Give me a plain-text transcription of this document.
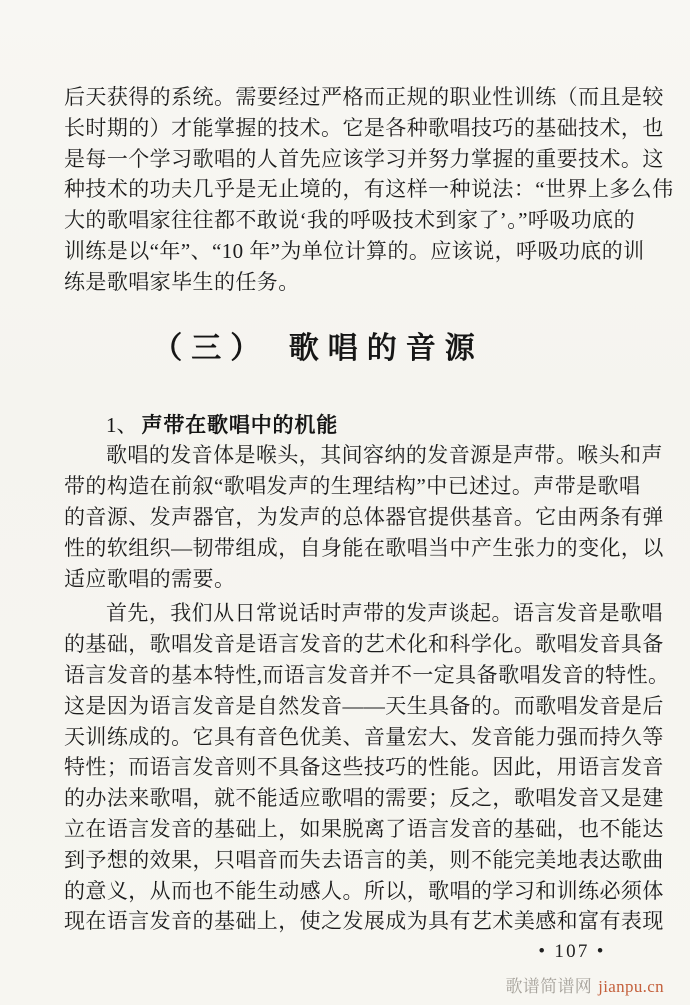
后天获得的系统。需要经过严格而正规的职业性训练（而且是较
长时期的）才能掌握的技术。它是各种歌唱技巧的基础技术，也
是每一个学习歌唱的人首先应该学习并努力掌握的重要技术。这
种技术的功夫几乎是无止境的，有这样一种说法：“世界上多么伟
大的歌唱家往往都不敢说‘我的呼吸技术到家了’。”呼吸功底的
训练是以“年”、“10 年”为单位计算的。应该说，呼吸功底的训
练是歌唱家毕生的任务。
（三） 歌唱的音源
1、 声带在歌唱中的机能
歌唱的发音体是喉头，其间容纳的发音源是声带。喉头和声
带的构造在前叙“歌唱发声的生理结构”中已述过。声带是歌唱
的音源、发声器官，为发声的总体器官提供基音。它由两条有弹
性的软组织—韧带组成，自身能在歌唱当中产生张力的变化，以
适应歌唱的需要。
首先，我们从日常说话时声带的发声谈起。语言发音是歌唱
的基础，歌唱发音是语言发音的艺术化和科学化。歌唱发音具备
语言发音的基本特性,而语言发音并不一定具备歌唱发音的特性。
这是因为语言发音是自然发音——天生具备的。而歌唱发音是后
天训练成的。它具有音色优美、音量宏大、发音能力强而持久等
特性；而语言发音则不具备这些技巧的性能。因此，用语言发音
的办法来歌唱，就不能适应歌唱的需要；反之，歌唱发音又是建
立在语言发音的基础上，如果脱离了语言发音的基础，也不能达
到予想的效果，只唱音而失去语言的美，则不能完美地表达歌曲
的意义，从而也不能生动感人。所以，歌唱的学习和训练必须体
现在语言发音的基础上，使之发展成为具有艺术美感和富有表现
• 107 •
歌谱简谱网 jianpu.cn
